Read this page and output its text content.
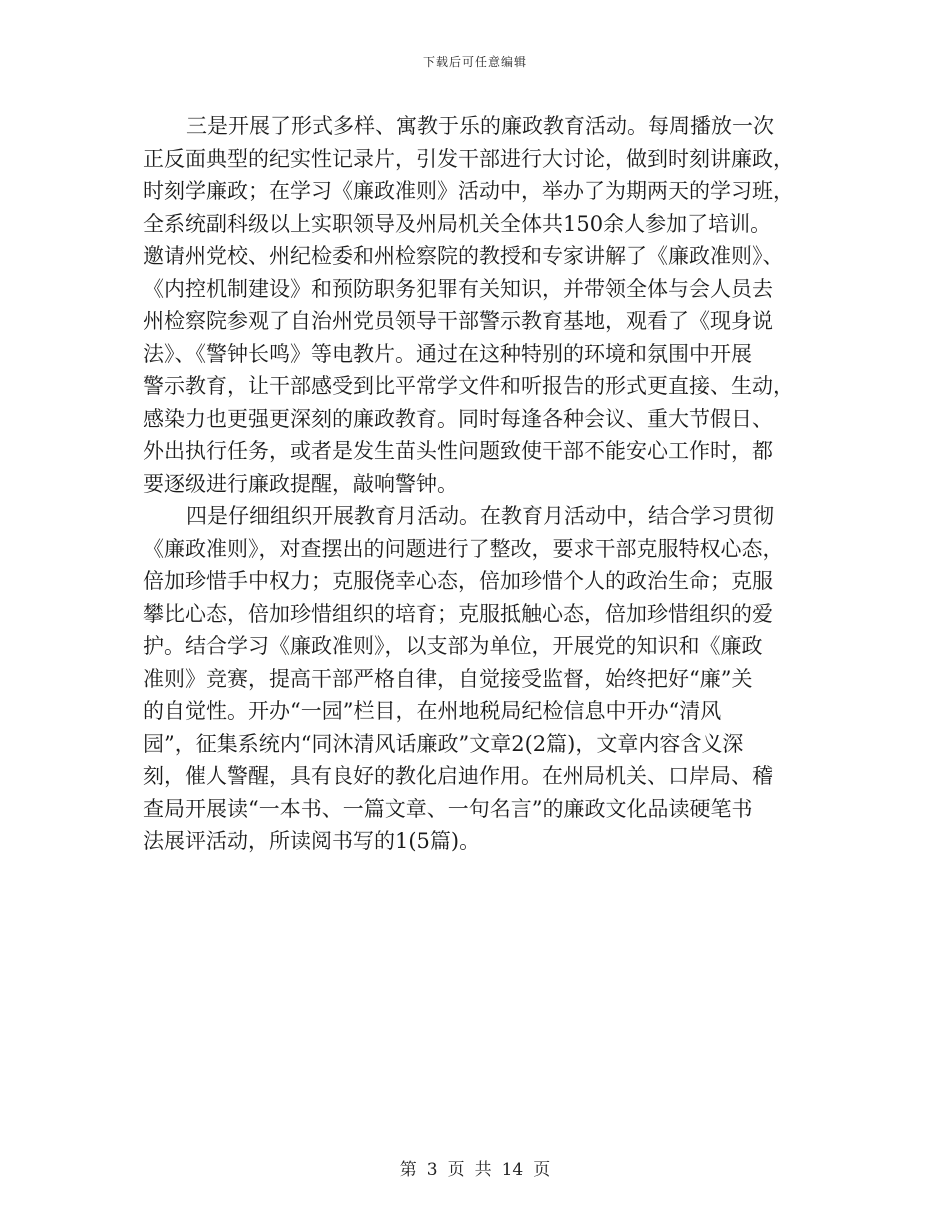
下载后可任意编辑
三是开展了形式多样、寓教于乐的廉政教育活动。每周播放一次
正反面典型的纪实性记录片，引发干部进行大讨论，做到时刻讲廉政，
时刻学廉政；在学习《廉政准则》活动中，举办了为期两天的学习班，
全系统副科级以上实职领导及州局机关全体共150余人参加了培训。
邀请州党校、州纪检委和州检察院的教授和专家讲解了《廉政准则》、
《内控机制建设》和预防职务犯罪有关知识，并带领全体与会人员去
州检察院参观了自治州党员领导干部警示教育基地，观看了《现身说
法》、《警钟长鸣》等电教片。通过在这种特别的环境和氛围中开展
警示教育，让干部感受到比平常学文件和听报告的形式更直接、生动，
感染力也更强更深刻的廉政教育。同时每逢各种会议、重大节假日、
外出执行任务，或者是发生苗头性问题致使干部不能安心工作时，都
要逐级进行廉政提醒，敲响警钟。
四是仔细组织开展教育月活动。在教育月活动中，结合学习贯彻
《廉政准则》，对查摆出的问题进行了整改，要求干部克服特权心态，
倍加珍惜手中权力；克服侥幸心态，倍加珍惜个人的政治生命；克服
攀比心态，倍加珍惜组织的培育；克服抵触心态，倍加珍惜组织的爱
护。结合学习《廉政准则》，以支部为单位，开展党的知识和《廉政
准则》竞赛，提高干部严格自律，自觉接受监督，始终把好“廉”关
的自觉性。开办“一园”栏目，在州地税局纪检信息中开办“清风
园”，征集系统内“同沐清风话廉政”文章2(2篇)，文章内容含义深
刻，催人警醒，具有良好的教化启迪作用。在州局机关、口岸局、稽
查局开展读“一本书、一篇文章、一句名言”的廉政文化品读硬笔书
法展评活动，所读阅书写的1(5篇)。
第 3 页 共 14 页
